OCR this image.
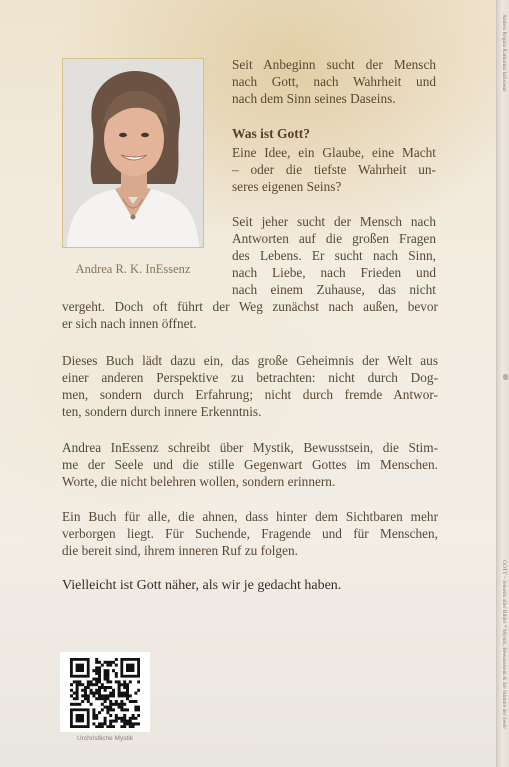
Andrea R. K. InEssenz

Seit Anbeginn sucht der Mensch
nach Gott, nach Wahrheit und
nach dem Sinn seines Daseins.

Was ist Gott?

Eine Idee, ein Glaube, eine Macht
– oder die tiefste Wahrheit un-
seres eigenen Seins?

Seit jeher sucht der Mensch nach
Antworten auf die großen Fragen
des Lebens. Er sucht nach Sinn,
nach Liebe, nach Frieden und
nach einem Zuhause, das nicht

vergeht. Doch oft führt der Weg zunächst nach außen, bevor
er sich nach innen öffnet.

Dieses Buch lädt dazu ein, das große Geheimnis der Welt aus
einer anderen Perspektive zu betrachten: nicht durch Dog-
men, sondern durch Erfahrung; nicht durch fremde Antwor-
ten, sondern durch innere Erkenntnis.

Andrea InEssenz schreibt über Mystik, Bewusstsein, die Stim-
me der Seele und die stille Gegenwart Gottes im Menschen.
Worte, die nicht belehren wollen, sondern erinnern.

Ein Buch für alle, die ahnen, dass hinter dem Sichtbaren mehr
verborgen liegt. Für Suchende, Fragende und für Menschen,
die bereit sind, ihrem inneren Ruf zu folgen.

Vielleicht ist Gott näher, als wir je gedacht haben.
Urchristliche Mystik
Andrea Regina Katharina InEssenz
GOTT – Jenseits aller Bilder * Mystik, Bewusstsein & die Stimme der Seele
